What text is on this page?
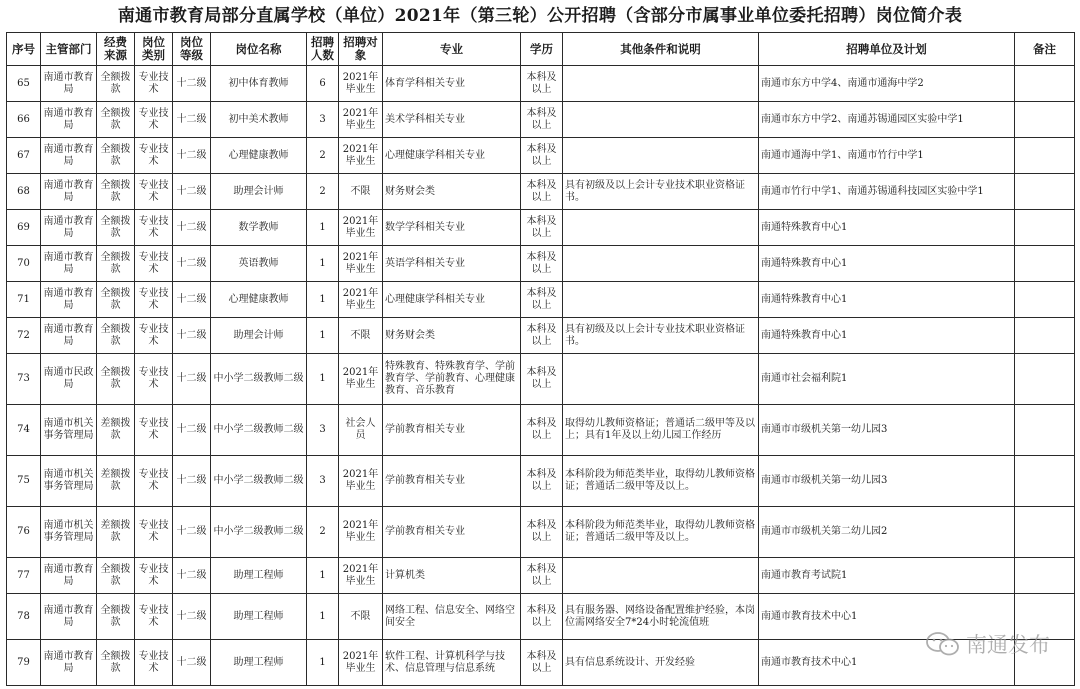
南通市教育局部分直属学校（单位）2021年（第三轮）公开招聘（含部分市属事业单位委托招聘）岗位简介表
序号	主管部门	经费来源	岗位类别	岗位等级	岗位名称	招聘人数	招聘对象	专业	学历	其他条件和说明	招聘单位及计划	备注
65	南通市教育局	全额拨款	专业技术	十二级	初中体育教师	6	2021年毕业生	体育学科相关专业	本科及以上		南通市东方中学4、南通市通海中学2	
66	南通市教育局	全额拨款	专业技术	十二级	初中美术教师	3	2021年毕业生	美术学科相关专业	本科及以上		南通市东方中学2、南通苏锡通园区实验中学1	
67	南通市教育局	全额拨款	专业技术	十二级	心理健康教师	2	2021年毕业生	心理健康学科相关专业	本科及以上		南通市通海中学1、南通市竹行中学1	
68	南通市教育局	全额拨款	专业技术	十二级	助理会计师	2	不限	财务财会类	本科及以上	具有初级及以上会计专业技术职业资格证书。	南通市竹行中学1、南通苏锡通科技园区实验中学1	
69	南通市教育局	全额拨款	专业技术	十二级	数学教师	1	2021年毕业生	数学学科相关专业	本科及以上		南通特殊教育中心1	
70	南通市教育局	全额拨款	专业技术	十二级	英语教师	1	2021年毕业生	英语学科相关专业	本科及以上		南通特殊教育中心1	
71	南通市教育局	全额拨款	专业技术	十二级	心理健康教师	1	2021年毕业生	心理健康学科相关专业	本科及以上		南通特殊教育中心1	
72	南通市教育局	全额拨款	专业技术	十二级	助理会计师	1	不限	财务财会类	本科及以上	具有初级及以上会计专业技术职业资格证书。	南通特殊教育中心1	
73	南通市民政局	全额拨款	专业技术	十二级	中小学二级教师二级	1	2021年毕业生	特殊教育、特殊教育学、学前教育学、学前教育、心理健康教育、音乐教育	本科及以上		南通市社会福利院1	
74	南通市机关事务管理局	差额拨款	专业技术	十二级	中小学二级教师二级	3	社会人员	学前教育相关专业	本科及以上	取得幼儿教师资格证；普通话二级甲等及以上；具有1年及以上幼儿园工作经历	南通市市级机关第一幼儿园3	
75	南通市机关事务管理局	差额拨款	专业技术	十二级	中小学二级教师二级	3	2021年毕业生	学前教育相关专业	本科及以上	本科阶段为师范类毕业，取得幼儿教师资格证；普通话二级甲等及以上。	南通市市级机关第一幼儿园3	
76	南通市机关事务管理局	差额拨款	专业技术	十二级	中小学二级教师二级	2	2021年毕业生	学前教育相关专业	本科及以上	本科阶段为师范类毕业，取得幼儿教师资格证；普通话二级甲等及以上。	南通市市级机关第二幼儿园2	
77	南通市教育局	全额拨款	专业技术	十二级	助理工程师	1	2021年毕业生	计算机类	本科及以上		南通市教育考试院1	
78	南通市教育局	全额拨款	专业技术	十二级	助理工程师	1	不限	网络工程、信息安全、网络空间安全	本科及以上	具有服务器、网络设备配置维护经验，本岗位需网络安全7*24小时轮流值班	南通市教育技术中心1	
79	南通市教育局	全额拨款	专业技术	十二级	助理工程师	1	2021年毕业生	软件工程、计算机科学与技术、信息管理与信息系统	本科及以上	具有信息系统设计、开发经验	南通市教育技术中心1	
南通发布
